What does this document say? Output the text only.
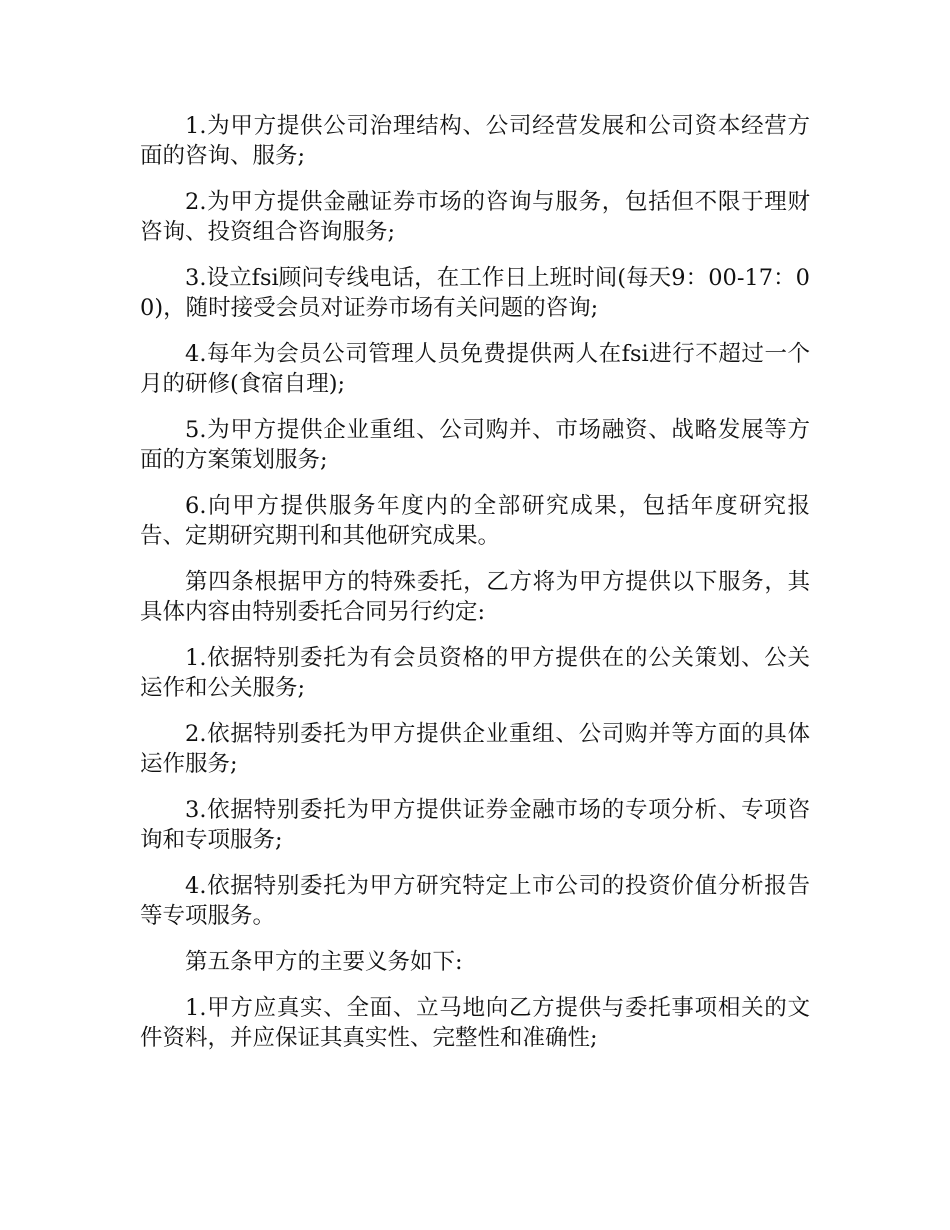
1.为甲方提供公司治理结构、公司经营发展和公司资本经营方面的咨询、服务;

2.为甲方提供金融证券市场的咨询与服务，包括但不限于理财咨询、投资组合咨询服务;

3.设立fsi顾问专线电话，在工作日上班时间(每天9：00-17：00)，随时接受会员对证券市场有关问题的咨询;

4.每年为会员公司管理人员免费提供两人在fsi进行不超过一个月的研修(食宿自理);

5.为甲方提供企业重组、公司购并、市场融资、战略发展等方面的方案策划服务;

6.向甲方提供服务年度内的全部研究成果，包括年度研究报告、定期研究期刊和其他研究成果。

第四条根据甲方的特殊委托，乙方将为甲方提供以下服务，其具体内容由特别委托合同另行约定:

1.依据特别委托为有会员资格的甲方提供在的公关策划、公关运作和公关服务;

2.依据特别委托为甲方提供企业重组、公司购并等方面的具体运作服务;

3.依据特别委托为甲方提供证券金融市场的专项分析、专项咨询和专项服务;

4.依据特别委托为甲方研究特定上市公司的投资价值分析报告等专项服务。

第五条甲方的主要义务如下:

1.甲方应真实、全面、立马地向乙方提供与委托事项相关的文件资料，并应保证其真实性、完整性和准确性;
